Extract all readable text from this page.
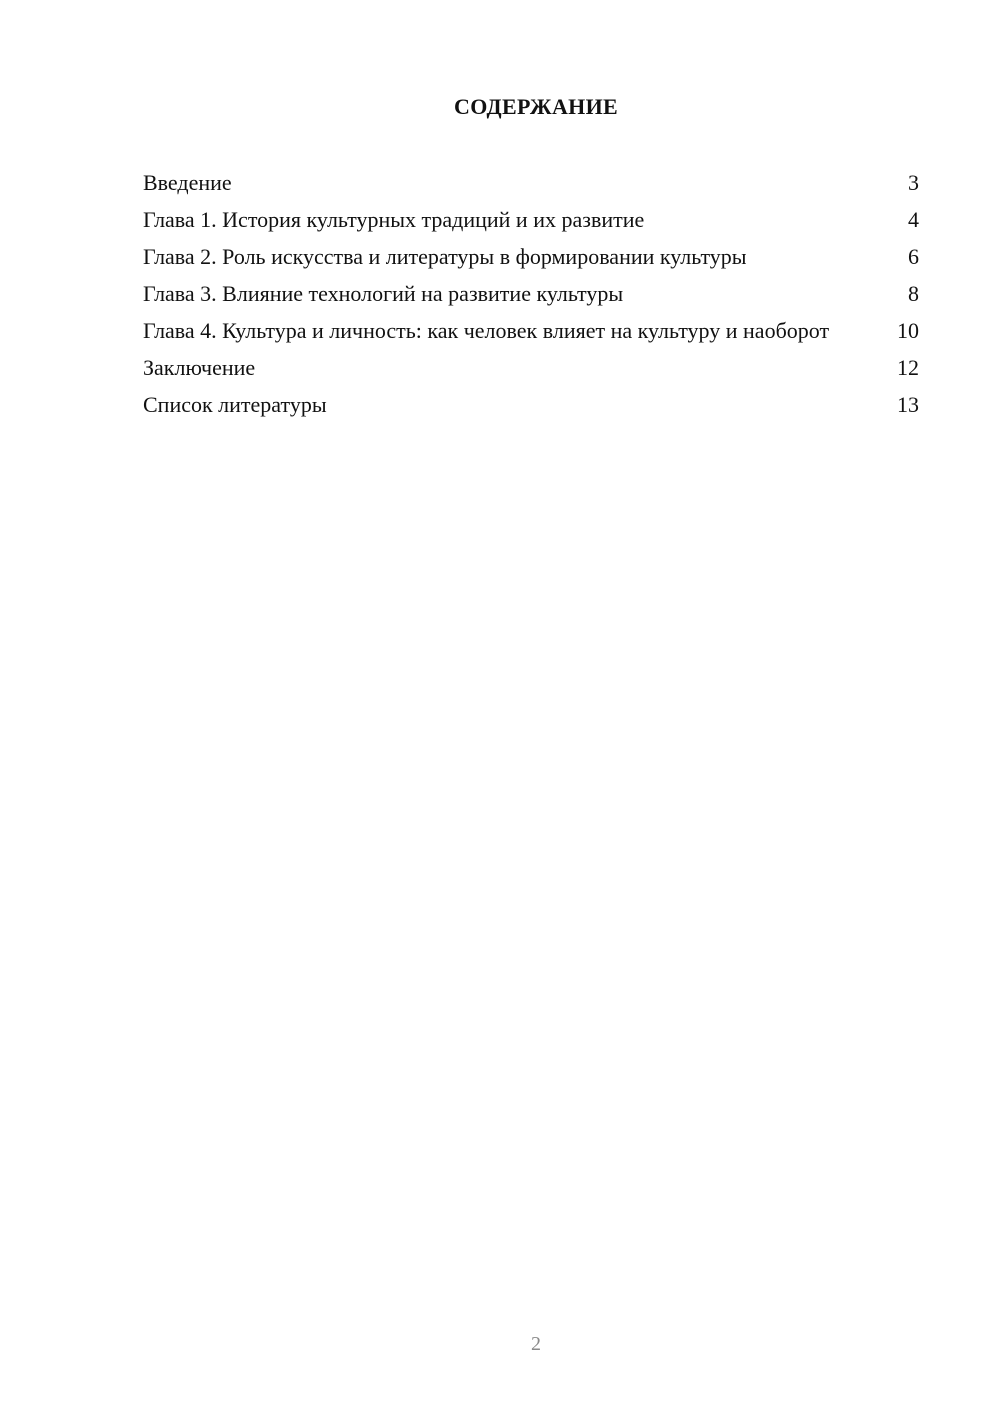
СОДЕРЖАНИЕ
Введение	3
Глава 1. История культурных традиций и их развитие	4
Глава 2. Роль искусства и литературы в формировании культуры	6
Глава 3. Влияние технологий на развитие культуры	8
Глава 4. Культура и личность: как человек влияет на культуру и наоборот	10
Заключение	12
Список литературы	13
2
